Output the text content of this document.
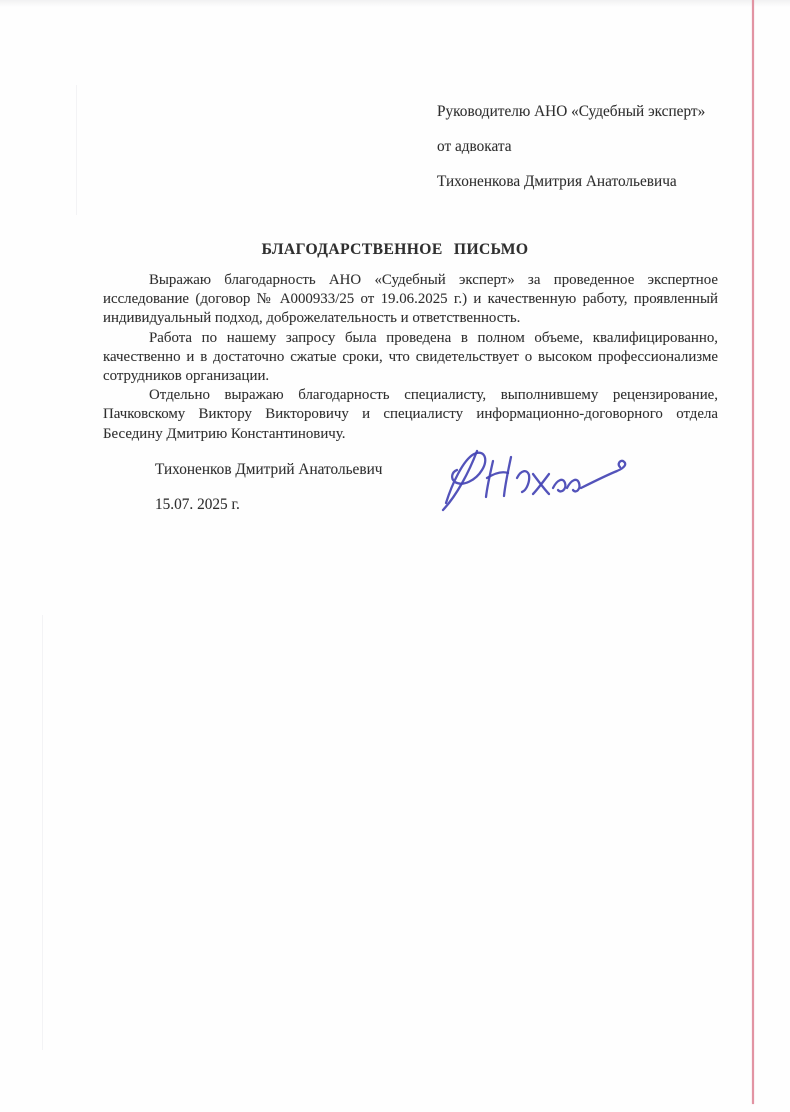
Руководителю АНО «Судебный эксперт»
от адвоката
Тихоненкова Дмитрия Анатольевича
БЛАГОДАРСТВЕННОЕ ПИСЬМО

Выражаю благодарность АНО «Судебный эксперт» за проведенное экспертное исследование (договор № А000933/25 от 19.06.2025 г.) и качественную работу, проявленный индивидуальный подход, доброжелательность и ответственность.

Работа по нашему запросу была проведена в полном объеме, квалифицированно, качественно и в достаточно сжатые сроки, что свидетельствует о высоком профессионализме сотрудников организации.

Отдельно выражаю благодарность специалисту, выполнившему рецензирование, Пачковскому Виктору Викторовичу и специалисту информационно-договорного отдела Беседину Дмитрию Константиновичу.

Тихоненков Дмитрий Анатольевич
15.07. 2025 г.
